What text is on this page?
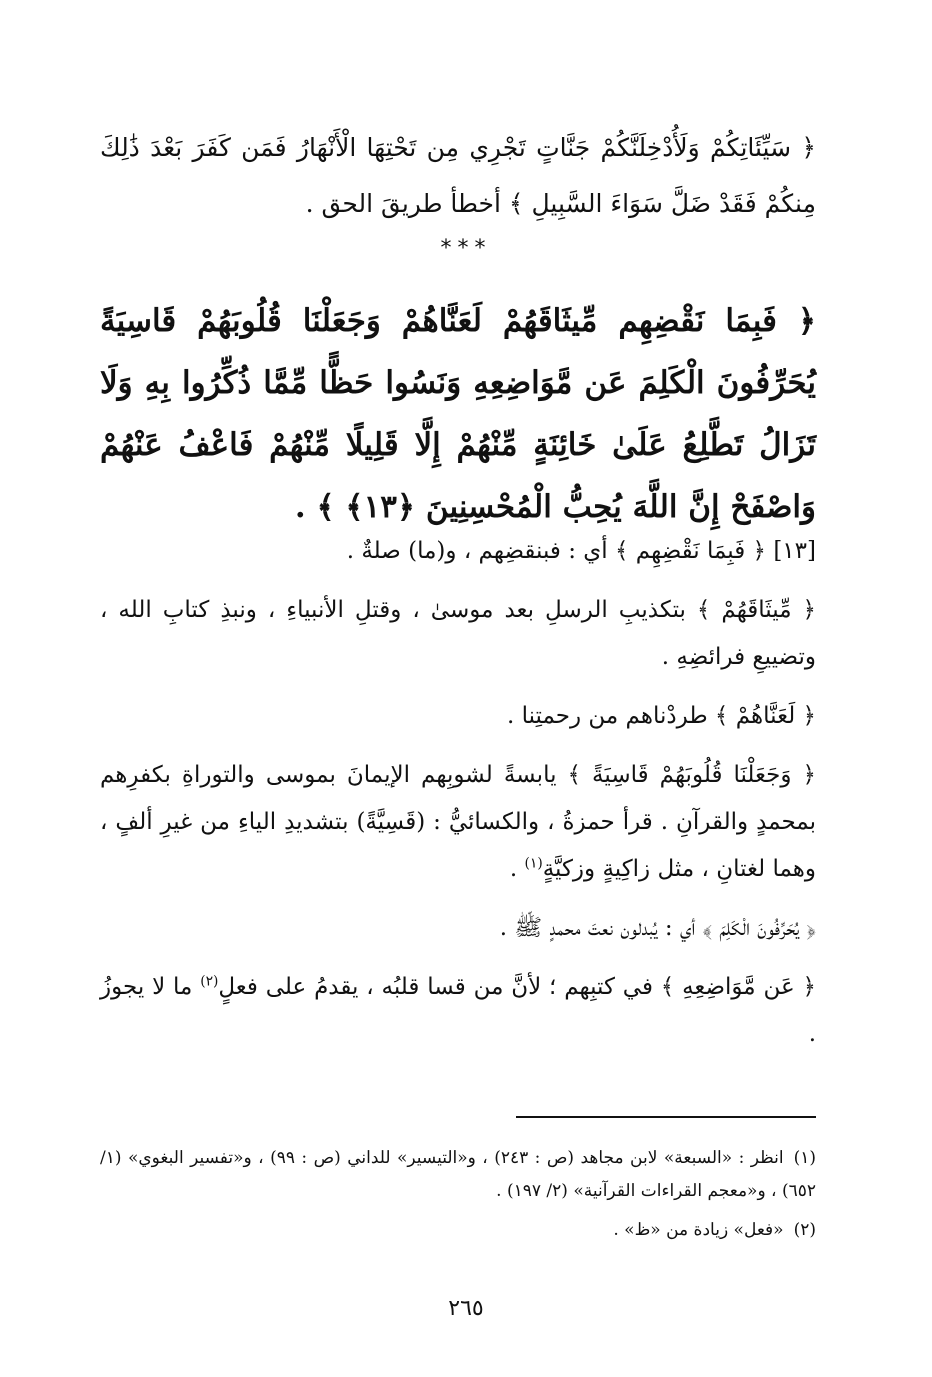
﴿ سَيِّئَاتِكُمْ وَلَأُدْخِلَنَّكُمْ جَنَّاتٍ تَجْرِي مِن تَحْتِهَا الْأَنْهَارُ فَمَن كَفَرَ بَعْدَ ذَٰلِكَ مِنكُمْ فَقَدْ ضَلَّ سَوَاءَ السَّبِيلِ ﴾ أخطأ طريقَ الحق .

***

﴿ فَبِمَا نَقْضِهِم مِّيثَاقَهُمْ لَعَنَّاهُمْ وَجَعَلْنَا قُلُوبَهُمْ قَاسِيَةً يُحَرِّفُونَ الْكَلِمَ عَن مَّوَاضِعِهِ وَنَسُوا حَظًّا مِّمَّا ذُكِّرُوا بِهِ وَلَا تَزَالُ تَطَّلِعُ عَلَىٰ خَائِنَةٍ مِّنْهُمْ إِلَّا قَلِيلًا مِّنْهُمْ فَاعْفُ عَنْهُمْ وَاصْفَحْ إِنَّ اللَّهَ يُحِبُّ الْمُحْسِنِينَ ﴿١٣﴾ ﴾ .

[١٣] ﴿ فَبِمَا نَقْضِهِم ﴾ أي : فبنقضِهم ، و(ما) صلةٌ .

﴿ مِّيثَاقَهُمْ ﴾ بتكذيبِ الرسلِ بعد موسىٰ ، وقتلِ الأنبياءِ ، ونبذِ كتابِ الله ، وتضييعِ فرائضِهِ .

﴿ لَعَنَّاهُمْ ﴾ طردْناهم من رحمتِنا .

﴿ وَجَعَلْنَا قُلُوبَهُمْ قَاسِيَةً ﴾ يابسةً لشوبِهم الإيمانَ بموسى والتوراةِ بكفرِهم بمحمدٍ والقرآنِ . قرأ حمزةُ ، والكسائيُّ : (قَسِيَّةً) بتشديدِ الياءِ من غيرِ ألفٍ ، وهما لغتانِ ، مثل زاكِيةٍ وزكيَّةٍ$^{(١)}$ .

﴿ يُحَرِّفُونَ الْكَلِمَ ﴾ أي : يُبدلون نعتَ محمدٍ ﷺ .

﴿ عَن مَّوَاضِعِهِ ﴾ في كتبِهم ؛ لأنَّ من قسا قلبُه ، يقدمُ على فعلٍ$^{(٢)}$ ما لا يجوزُ .

(١)انظر : «السبعة» لابن مجاهد (ص : ٢٤٣) ، و«التيسير» للداني (ص : ٩٩) ، و«تفسير البغوي» (١/ ٦٥٢) ، و«معجم القراءات القرآنية» (٢/ ١٩٧) .

(٢)«فعل» زيادة من «ظ» .

٢٦٥
